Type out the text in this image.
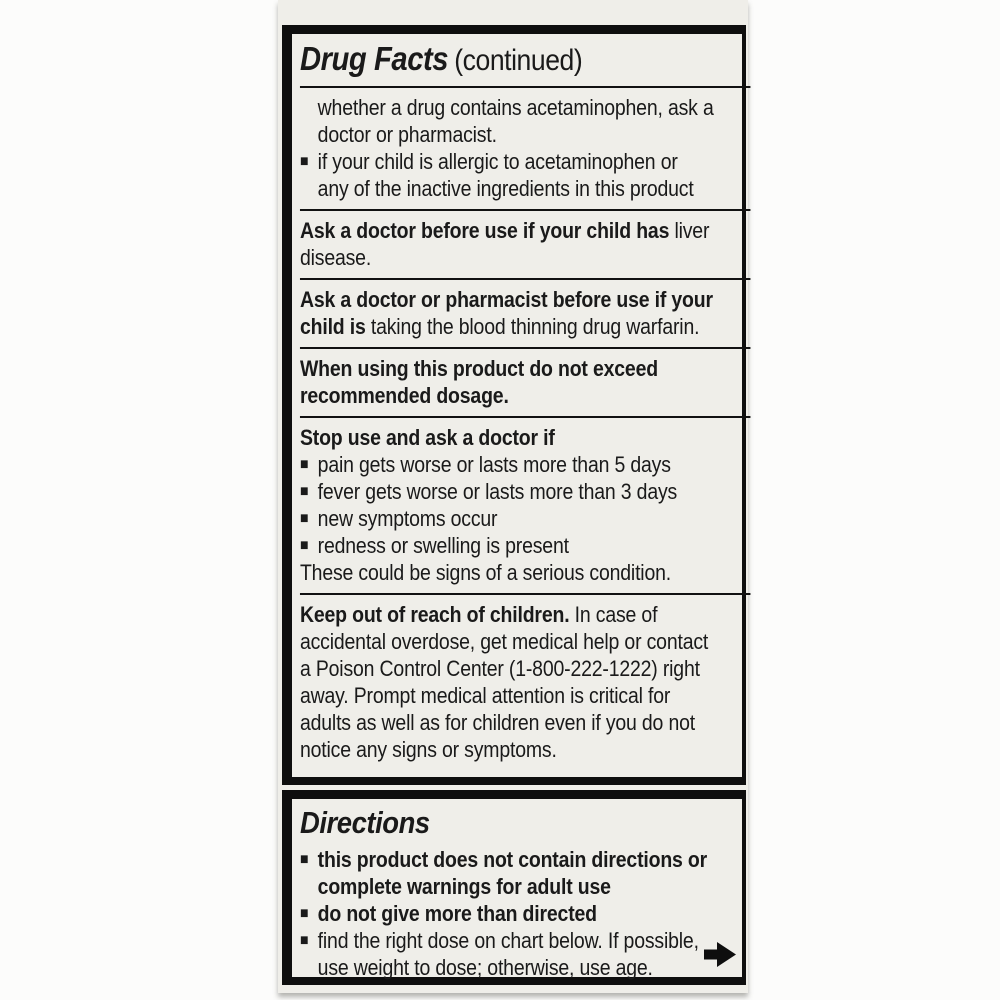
Drug Facts (continued)
whether a drug contains acetaminophen, ask a
doctor or pharmacist.
■ if your child is allergic to acetaminophen or
any of the inactive ingredients in this product
Ask a doctor before use if your child has liver
disease.
Ask a doctor or pharmacist before use if your
child is taking the blood thinning drug warfarin.
When using this product do not exceed
recommended dosage.
Stop use and ask a doctor if
■ pain gets worse or lasts more than 5 days
■ fever gets worse or lasts more than 3 days
■ new symptoms occur
■ redness or swelling is present
These could be signs of a serious condition.
Keep out of reach of children. In case of
accidental overdose, get medical help or contact
a Poison Control Center (1-800-222-1222) right
away. Prompt medical attention is critical for
adults as well as for children even if you do not
notice any signs or symptoms.
Directions
■ this product does not contain directions or
complete warnings for adult use
■ do not give more than directed
■ find the right dose on chart below. If possible,
use weight to dose; otherwise, use age.
